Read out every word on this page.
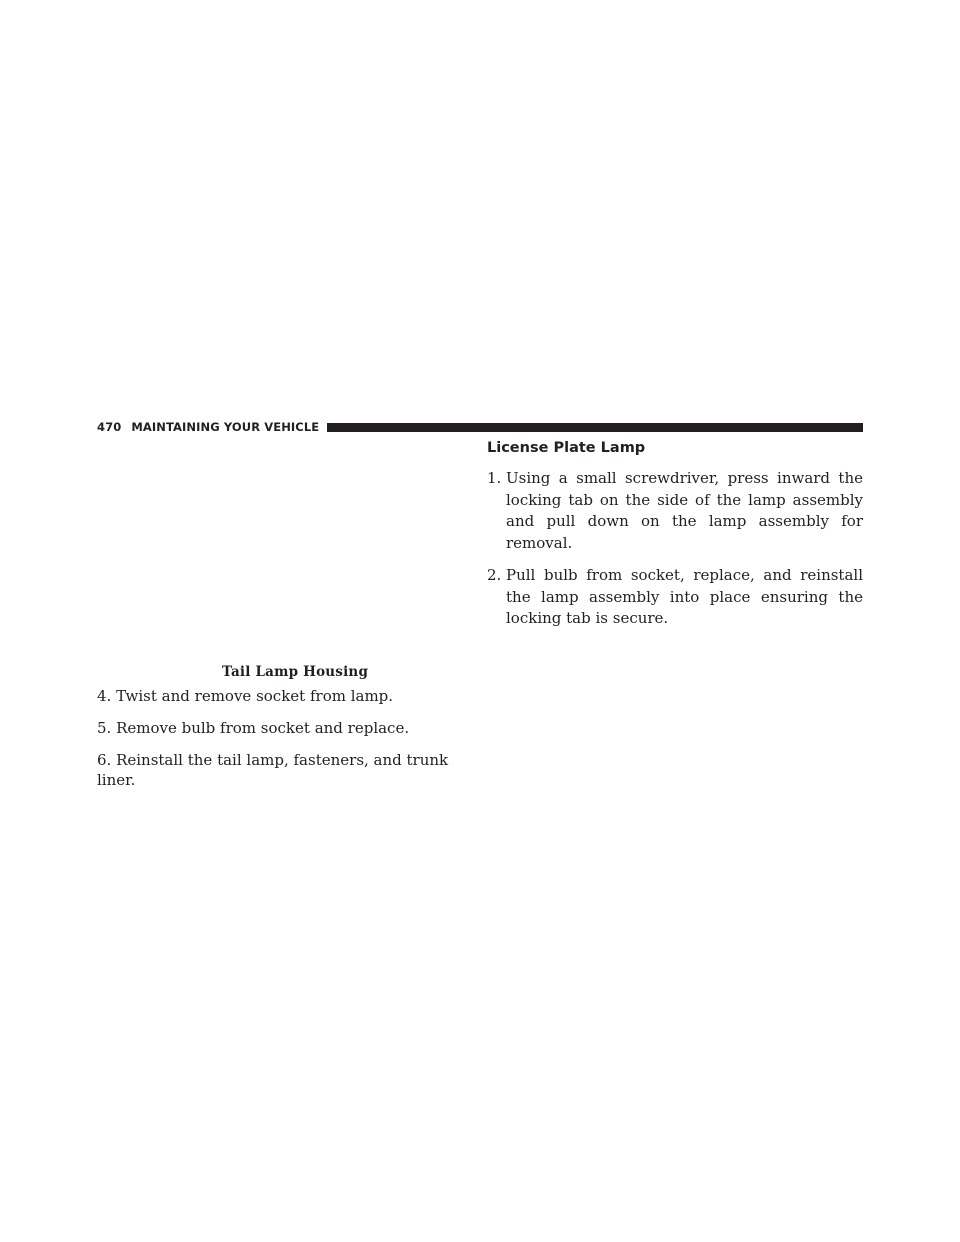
470 MAINTAINING YOUR VEHICLE
Tail Lamp Housing

4. Twist and remove socket from lamp.

5. Remove bulb from socket and replace.

6. Reinstall the tail lamp, fasteners, and trunk liner.

License Plate Lamp
1. Using a small screwdriver, press inward the locking tab on the side of the lamp assembly and pull down on the lamp assembly for removal.
2. Pull bulb from socket, replace, and reinstall the lamp assembly into place ensuring the locking tab is secure.
